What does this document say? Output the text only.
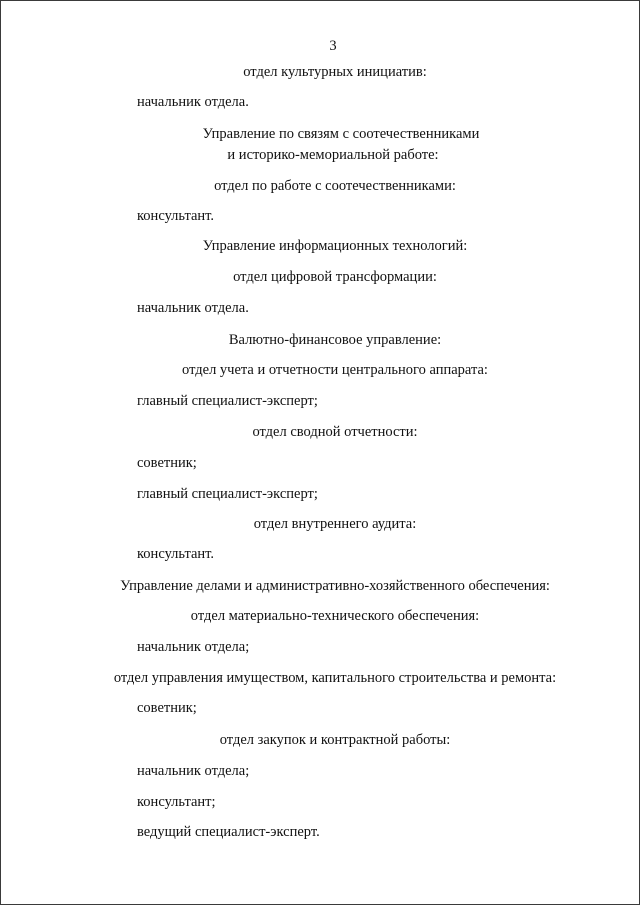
3

отдел культурных инициатив:

начальник отдела.

Управление по связям с соотечественниками

и историко-мемориальной работе:

отдел по работе с соотечественниками:

консультант.

Управление информационных технологий:

отдел цифровой трансформации:

начальник отдела.

Валютно-финансовое управление:

отдел учета и отчетности центрального аппарата:

главный специалист-эксперт;

отдел сводной отчетности:

советник;

главный специалист-эксперт;

отдел внутреннего аудита:

консультант.

Управление делами и административно-хозяйственного обеспечения:

отдел материально-технического обеспечения:

начальник отдела;

отдел управления имуществом, капитального строительства и ремонта:

советник;

отдел закупок и контрактной работы:

начальник отдела;

консультант;

ведущий специалист-эксперт.
